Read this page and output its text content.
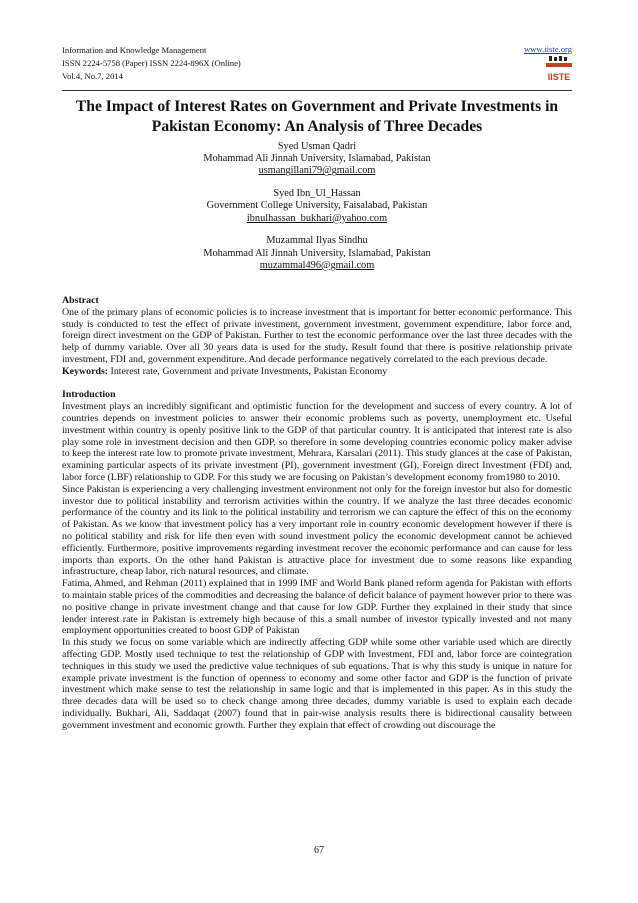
Information and Knowledge Management
ISSN 2224-5758 (Paper) ISSN 2224-896X (Online)
Vol.4, No.7, 2014
www.iiste.org
IISTE
The Impact of Interest Rates on Government and Private Investments in Pakistan Economy: An Analysis of Three Decades
Syed Usman Qadri
Mohammad Ali Jinnah University, Islamabad, Pakistan
usmangillani79@gmail.com
Syed Ibn_Ul_Hassan
Government College University, Faisalabad, Pakistan
ibnulhassan_bukhari@yahoo.com
Muzammal Ilyas Sindhu
Mohammad Ali Jinnah University, Islamabad, Pakistan
muzammal496@gmail.com

Abstract

One of the primary plans of economic policies is to increase investment that is important for better economic performance. This study is conducted to test the effect of private investment, government investment, government expenditure, labor force and, foreign direct investment on the GDP of Pakistan. Further to test the economic performance over the last three decades with the help of dummy variable. Over all 30 years data is used for the study. Result found that there is positive relationship private investment, FDI and, government expenditure. And decade performance negatively correlated to the each previous decade.

Keywords: Interest rate, Government and private Investments, Pakistan Economy

Introduction

Investment plays an incredibly significant and optimistic function for the development and success of every country. A lot of countries depends on investment policies to answer their economic problems such as poverty, unemployment etc. Useful investment within country is openly positive link to the GDP of that particular country. It is anticipated that interest rate is also play some role in investment decision and then GDP, so therefore in some developing countries economic policy maker advise to keep the interest rate low to promote private investment, Mehrara, Karsalari (2011). This study glances at the case of Pakistan, examining particular aspects of its private investment (PI), government investment (GI), Foreign direct Investment (FDI) and, labor force (LBF) relationship to GDP. For this study we are focusing on Pakistan’s development economy from1980 to 2010.

Since Pakistan is experiencing a very challenging investment environment not only for the foreign investor but also for domestic investor due to political instability and terrorism activities within the country. If we analyze the last three decades economic performance of the country and its link to the political instability and terrorism we can capture the effect of this on the economy of Pakistan. As we know that investment policy has a very important role in country economic development however if there is no political stability and risk for life then even with sound investment policy the economic development cannot be achieved efficiently. Furthermore, positive improvements regarding investment recover the economic performance and can cause for less imports than exports. On the other hand Pakistan is attractive place for investment due to some reasons like expanding infrastructure, cheap labor, rich natural resources, and climate.

Fatima, Ahmed, and Rehman (2011) explained that in 1999 IMF and World Bank planed reform agenda for Pakistan with efforts to maintain stable prices of the commodities and decreasing the balance of deficit balance of payment however prior to there was no positive change in private investment change and that cause for low GDP. Further they explained in their study that since lender interest rate in Pakistan is extremely high because of this a small number of investor typically invested and not many employment opportunities created to boost GDP of Pakistan

In this study we focus on some variable which are indirectly affecting GDP while some other variable used which are directly affecting GDP. Mostly used technique to test the relationship of GDP with Investment, FDI and, labor force are cointegration techniques in this study we used the predictive value techniques of sub equations. That is why this study is unique in nature for example private investment is the function of openness to economy and some other factor and GDP is the function of private investment which make sense to test the relationship in same logic and that is implemented in this paper. As in this study the three decades data will be used so to check change among three decades, dummy variable is used to explain each decade individually. Bukhari, Ali, Saddaqat (2007) found that in pair-wise analysis results there is bidirectional causality between government investment and economic growth. Further they explain that effect of crowding out discourage the

67
